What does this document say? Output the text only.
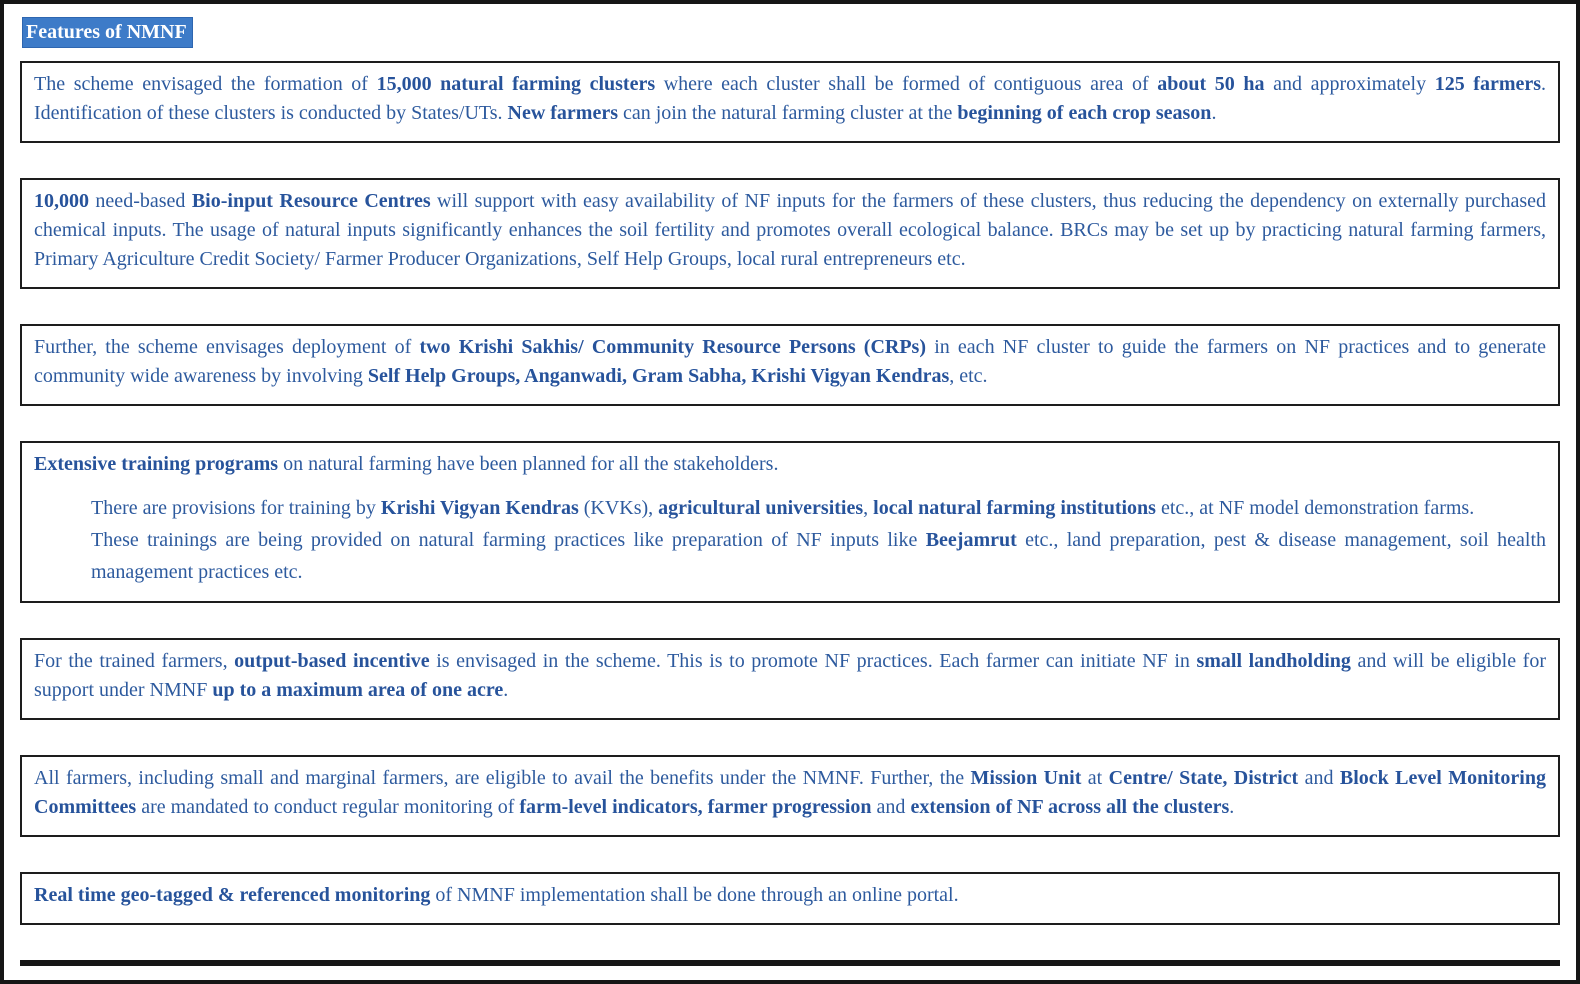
Features of NMNF

The scheme envisaged the formation of 15,000 natural farming clusters where each cluster shall be formed of contiguous area of about 50 ha and approximately 125 farmers. Identification of these clusters is conducted by States/UTs. New farmers can join the natural farming cluster at the beginning of each crop season.

10,000 need-based Bio-input Resource Centres will support with easy availability of NF inputs for the farmers of these clusters, thus reducing the dependency on externally purchased chemical inputs. The usage of natural inputs significantly enhances the soil fertility and promotes overall ecological balance. BRCs may be set up by practicing natural farming farmers, Primary Agriculture Credit Society/ Farmer Producer Organizations, Self Help Groups, local rural entrepreneurs etc.

Further, the scheme envisages deployment of two Krishi Sakhis/ Community Resource Persons (CRPs) in each NF cluster to guide the farmers on NF practices and to generate community wide awareness by involving Self Help Groups, Anganwadi, Gram Sabha, Krishi Vigyan Kendras, etc.

Extensive training programs on natural farming have been planned for all the stakeholders.

There are provisions for training by Krishi Vigyan Kendras (KVKs), agricultural universities, local natural farming institutions etc., at NF model demonstration farms.

These trainings are being provided on natural farming practices like preparation of NF inputs like Beejamrut etc., land preparation, pest & disease management, soil health management practices etc.

For the trained farmers, output-based incentive is envisaged in the scheme. This is to promote NF practices. Each farmer can initiate NF in small landholding and will be eligible for support under NMNF up to a maximum area of one acre.

All farmers, including small and marginal farmers, are eligible to avail the benefits under the NMNF. Further, the Mission Unit at Centre/ State, District and Block Level Monitoring Committees are mandated to conduct regular monitoring of farm-level indicators, farmer progression and extension of NF across all the clusters.

Real time geo-tagged & referenced monitoring of NMNF implementation shall be done through an online portal.
